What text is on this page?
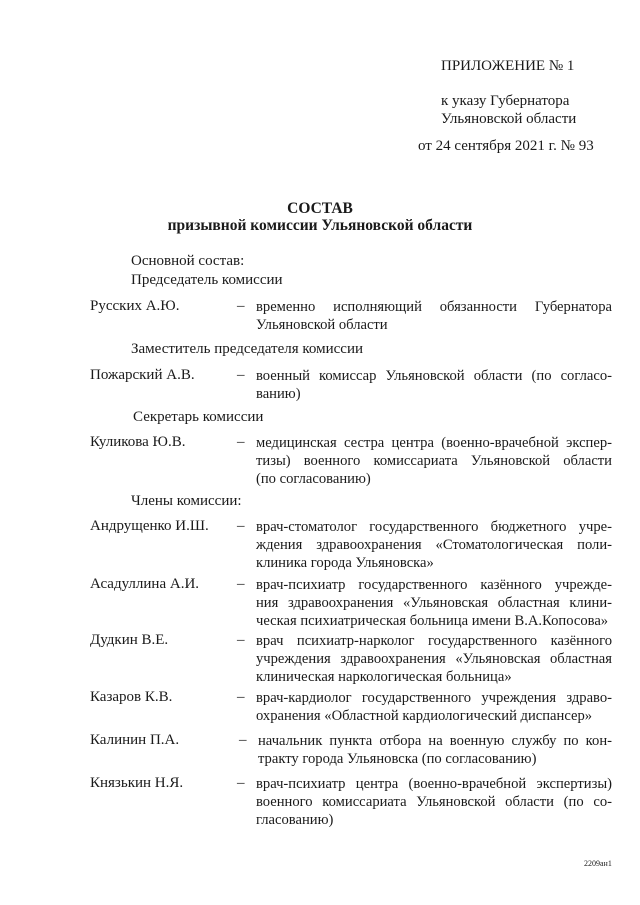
ПРИЛОЖЕНИЕ № 1
к указу Губернатора
Ульяновской области
от 24 сентября 2021 г. № 93
СОСТАВ
призывной комиссии Ульяновской области
Основной состав:
Председатель комиссии
Русских А.Ю.	– временно исполняющий обязанности Губернатора
Ульяновской области
Заместитель председателя комиссии
Пожарский А.В.	– военный комиссар Ульяновской области (по согласо-
ванию)
Секретарь комиссии
Куликова Ю.В.	– медицинская сестра центра (военно-врачебной экспер-
тизы) военного комиссариата Ульяновской области
(по согласованию)
Члены комиссии:
Андрущенко И.Ш. – врач-стоматолог государственного бюджетного учре-
ждения здравоохранения «Стоматологическая поли-
клиника города Ульяновска»
Асадуллина А.И.	– врач-психиатр государственного казённого учрежде-
ния здравоохранения «Ульяновская областная клини-
ческая психиатрическая больница имени В.А.Копосова»
Дудкин В.Е.	– врач психиатр-нарколог государственного казённого
учреждения здравоохранения «Ульяновская областная
клиническая наркологическая больница»
Казаров К.В.	– врач-кардиолог государственного учреждения здраво-
охранения «Областной кардиологический диспансер»
Калинин П.А.	– начальник пункта отбора на военную службу по кон-
тракту города Ульяновска (по согласованию)
Князькин Н.Я.	– врач-психиатр центра (военно-врачебной экспертизы)
военного комиссариата Ульяновской области (по со-
гласованию)
2209ан1
